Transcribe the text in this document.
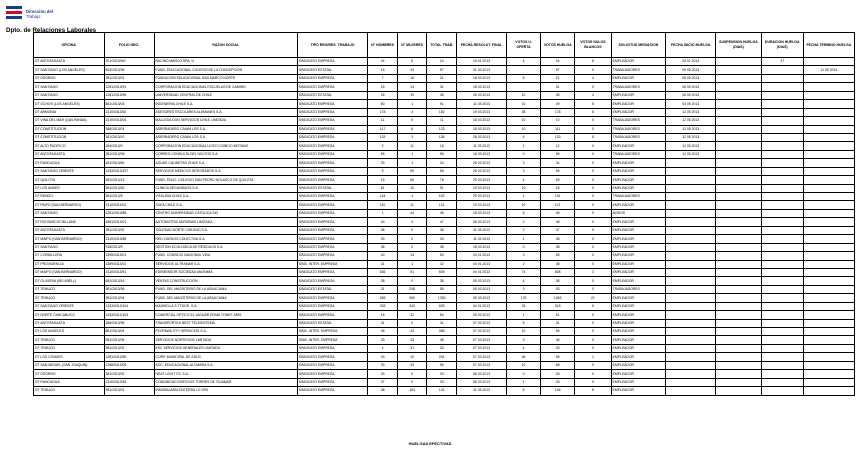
Dirección del
Trabajo
Dpto. de Relaciones Laborales
OFICINA	FOLIO NEG.	RAZON SOCIAL	TIPO REG/RES. TRABAJO	N° HOMBRES	N° MUJERES	TOTAL TRAB.	FECHA RESOLUT. FINAL	VOTOS U. OFERTA	VOTOS HUELGA	VOTOS NULOS BLANCOS	SOLICITUD MEDIACION	FECHA INICIO HUELGA	SUSPENSION HUELGA (DIAS)	DURACION HUELGA (DIAS)	FECHA TERMINO HUELGA
DT ANTOFAGASTA	201/2010/NG	RACHID MARCO SPA. U	SINDICATO EMPRESA	24	8	24	16 01 2013	4	24	8	EMPLEADOR	25 01 2013		37	
DT SANTIAGO (LOS ANGELES)	803/2013/36	FUND. EDUCACIONAL COLEGIO DE LA CONCEPCION	SINDICATO ESTATAL	15	43	57	31 03 2013		57	0	TRABAJADORES	06 05 2013			11 05 2013
DT OSORNO	381/2013/01	FUNDACION EDUCACIONAL SAN MARCO NORTE	SINDICATO EMPRESA	7	16	21	18 03 2013	6	21	4	EMPLEADOR	06 05 2013			
DT SANTIAGO	1281/2013/91	CORPORACION EDUCACIONAL ESCUELAS DE CAMINO	SINDICATO EMPRESA	18	13	31	18 03 2013		31	0	TRABAJADORES	06 05 2013			
DT SANTIAGO	1281/2013/96	UNIVERSIDAD CENTRAL DE CHILE	SINDICATO ESTATAL	26	19	45	28 03 2013	12	45	4	EMPLEADOR	06 05 2013			
DT OCHOS (LOS ANGELES)	881/2013/03	INGENIERIA CHILE S.A.	SINDICATO EMPRESA	50	1	51	11 03 2013	10	49	5	EMPLEADOR	03 05 2013			
DT ARMONIA	1310/0313/52	ASESORES ESCOLARES ALEMANES S.A.	SINDICATO EMPRESA	178	4	182	19 03 2013	38	178	6	EMPLEADOR	12 05 2013			
DT VINA DEL MAR (QUILPANDA)	1310/0313/04	MALLEDA DON SERVICIOS CHILE LIMITADA	SINDICATO EMPRESA	11	0	11	18 03 2013	10	10	0	TRABAJADORES	12 05 2013			
DT CONSTITUCION	388/2013/01	ASERRADERO CAIAM LOS S.A.	SINDICATO EMPRESA	117	6	123	18 03 2013	10	111	0	TRABAJADORES	12 05 2013			
DT CONSTITUCION	381/2013/10	ASERRADERO CAIAM LOS S.A.	SINDICATO EMPRESA	133	3	136	28 03 2013	4	133	8	TRABAJADORES	12 05 2013			
DT ALTO PACIFICO	184/2013/0	CORPORACION EDUCACIONAL LICEO CONEJO MOTANO	SINDICATO EMPRESA	2	11	16	11 03 2013	1	12	0	EMPLEADOR	12 05 2013			
DT ANTOFAGASTA	381/2013/05	CORREO CONSULTA DEL NOLTOS S.A.	SINDICATO EMPRESA	65	1	56	18 03 2013	0	56	0	TRABAJADORES	12 05 2013			
DT RANCAGUA	481/2013/62	AGUAS CALINETAS CHILE S.A.	SINDICATO EMPRESA	33	1	34	28 03 2013	3	34	0	EMPLEADOR				
DT SANTIAGO ORIENTE	1333/0313/107	SERVICIOS MEDICOS INTEGRADOS S.A.	SINDICATO EMPRESA	5	50	55	28 03 2013	3	59	0	EMPLEADOR				
DT QUILOTA	581/2013/13	FUND. EDUC. COLEGIO SAN PEDRO NOLASCO DE QUILOTA	SINDICATO EMPRESA	15	60	76	29 03 2013	4	69	0	EMPLEADOR				
DT LOS ANDES	681/2013/62	CLINICA SEGUNDAOS S.A.	SINDICATO ESTATAL	81	10	91	19 03 2013	10	18	0	EMPLEADOR				
DT RENGO	681/2013/5	VITALISIA CHILE S.A.	SINDICATO EMPRESA	144	4	152	29 03 2013	1	151	0	TRABAJADORES				
DT PAIPO (SAN BERNARDO)	1310/0313/02	SOFA CHILE S.A.	SINDICATO EMPRESA	110	11	121	19 03 2013	10	121	0	EMPLEADOR				
DT SANTIAGO	1281/2013/88	CENTRO UNIVERSIDAD CATOLICA SIG	SINDICATO EMPRESA	1	44	45	18 03 2013	8	45	0	AVISOS				
DT RIO BASCOCHILLANS	1681/0313/01	AUTOMOTRIZ AUROBIAS LIMITADA	SINDICATO EMPRESA	43	4	47	28 03 2013	2	48	0	EMPLEADOR				
DT ANTOFAGASTA	381/2013/02	SOLEDAD NORTE CHILENO S.A.	SINDICATO EMPRESA	36	0	36	11 03 2013	2	37	0	EMPLEADOR				
DT MAIPO (SAN BERNARDO)	1310/0313/86	RED CARGOS COLECTIVA S.A.	SINDICATO EMPRESA	33	0	33	11 03 2013	1	38	0	EMPLEADOR				
DT SANTIAGO	918/2013/9	GESTION ECOLOGICA DE RESIDUOS S.A.	SINDICATO EMPRESA	38	0	38	18 03 2013	0	38	0	EMPLEADOR				
DT CORDILLERA	1395/0313/01	FUND. CONSEJO NACIONAL VIDA	SINDICATO EMPRESA	40	13	53	04 01 2013	3	55	0	EMPLEADOR				
DT PROVIDENCIA	1389/0313/01	SERVICIOS ULTRAMAR S.A.	SIND. INTER. EMPRESA	31	1	32	04 01 2013	2	38	0	EMPLEADOR				
DT MAIPO (SAN BERNARDO)	1310/0313/51	EDEMENSOR SOCIEDAD ANONIMA	SINDICATO EMPRESA	636	51	605	04 01 2013	74	608	3	EMPLEADOR				
DT OLIVERIA (SELARELL)	681/2013/16	VENTAS CONSTRUCCION	SINDICATO EMPRESA	38	0	38	05 03 2013	4	38	0	EMPLEADOR				
DT TEMUCO	981/2013/36	FUND. DEL MAGISTERIO DE LA ARAUCANIA	SINDICATO ESTATAL	31	248	55	05 03 2013	3	53	0	TRABAJADORES				
DT TEMUCO	981/2013/04	FUND. DEL MAGISTERIO DE LA ARAUCANIA	SINDICATO EMPRESA	265	980	1353	05 03 2013	176	1083	21	EMPLEADOR				
DT SANTIAGO ORIENTE	1333/0312/104	MASHELLA S.TTDOS. S.A.	SINDICATO EMPRESA	333	343	633	04 01 2013	33	318	5	EMPLEADOR				
DT NORTE CHACABUCO	1333/0312/103	COMERCIAL OPTICO EL JAGUAR ROMA TOMET ARIS	SINDICATO EMPRESA	18	32	54	05 03 2013	1	51	0	EMPLEADOR				
DT ANTOFAGASTA	186/0313/96	TRANSPORTES BEST TELESISTEMA	SINDICATO ESTATAL	31	0	31	07 03 2013	5	31	0	EMPLEADOR				
DT LOS ANGELES	881/2013/04	FEOFAWIL EYY SERVICIOS S.A.	SIND. INTER. EMPRESA	45	43	088	07 03 2013	10	55	0	EMPLEADOR				
DT TEMUCO	981/2013/05	SERVICIOS NORTEXIOS LIMITADA	SIND. INTER. EMPRESA	33	33	48	07 03 2013	3	46	0	EMPLEADOR				
DT TEMUCO	981/2013/02	ESC SERVICIOS GENERALES LIMITADA	SINDICATO EMPRESA	4	31	33	07 03 2013	4	33	0	EMPLEADOR				
DT LOS CONDES	1281/0312/80	CORP. MUNICIPAL DE EDUC.	SINDICATO EMPRESA	43	10	031	07 03 2013	36	96	1	EMPLEADOR				
DT SAN MIGUEL (SAN JOAQUIN)	1288/0313/05	SOC. EDUCACIONAL ALTAMIRA S.A.	SINDICATO EMPRESA	33	33	96	07 03 2013	10	68	0	EMPLEADOR				
DT OSORNO	381/2013/02	HEAT LIGHT ITC S.A.	SINDICATO EMPRESA	33	0	33	08 03 2013	0	33	0	EMPLEADOR				
DT RANCAGUA	1310/0313/53	COMUNIDAD EDIFICIOS TORRES DE TAJAMAR	SINDICATO EMPRESA	37	0	33	08 03 2013	1	33	0	EMPLEADOR				
DT TEMUCO	981/2013/01	INMOBILIARIA ENTERSA LO SPA	SINDICATO EMPRESA	38	163	131	11 03 2013	5	146	8	EMPLEADOR				
HUELGAS EFECTIVAS
